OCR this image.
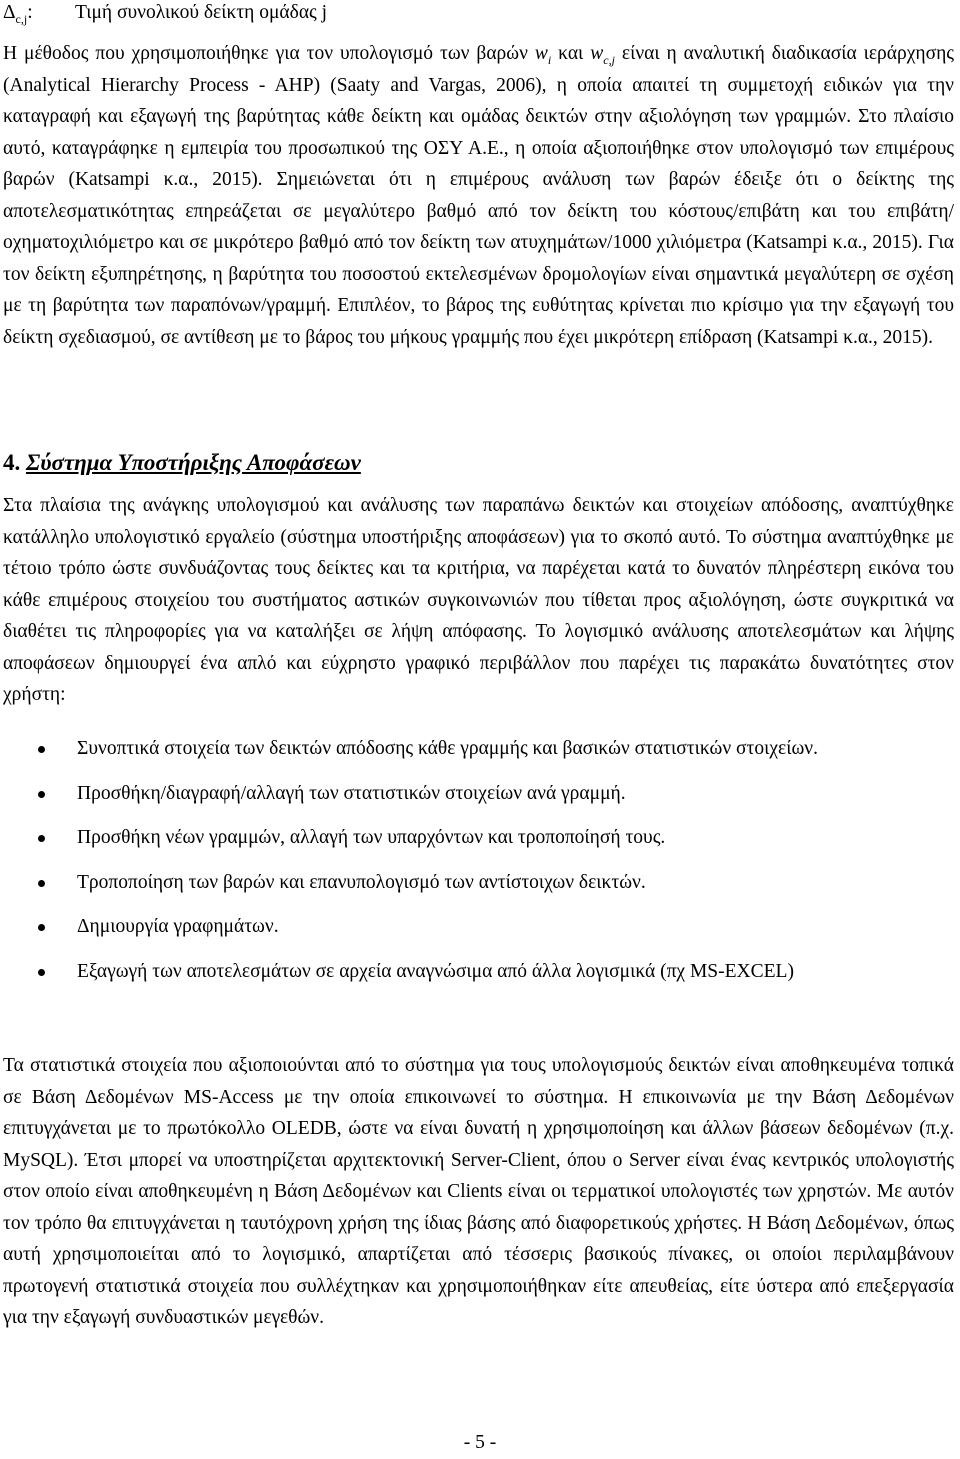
$\Delta_{c,j}$: Τιμή συνολικού δείκτη ομάδας j

Η μέθοδος που χρησιμοποιήθηκε για τον υπολογισμό των βαρών $w_i$ και $w_{c,j}$ είναι η αναλυτική διαδικασία ιεράρχησης (Analytical Hierarchy Process - AHP) (Saaty and Vargas, 2006), η οποία απαιτεί τη συμμετοχή ειδικών για την καταγραφή και εξαγωγή της βαρύτητας κάθε δείκτη και ομάδας δεικτών στην αξιολόγηση των γραμμών. Στο πλαίσιο αυτό, καταγράφηκε η εμπειρία του προσωπικού της ΟΣΥ Α.Ε., η οποία αξιοποιήθηκε στον υπολογισμό των επιμέρους βαρών (Katsampi κ.α., 2015). Σημειώνεται ότι η επιμέρους ανάλυση των βαρών έδειξε ότι ο δείκτης της αποτελεσματικότητας επηρεάζεται σε μεγαλύτερο βαθμό από τον δείκτη του κόστους/επιβάτη και του επιβάτη/οχηματοχιλιόμετρο και σε μικρότερο βαθμό από τον δείκτη των ατυχημάτων/1000 χιλιόμετρα (Katsampi κ.α., 2015). Για τον δείκτη εξυπηρέτησης, η βαρύτητα του ποσοστού εκτελεσμένων δρομολογίων είναι σημαντικά μεγαλύτερη σε σχέση με τη βαρύτητα των παραπόνων/γραμμή. Επιπλέον, το βάρος της ευθύτητας κρίνεται πιο κρίσιμο για την εξαγωγή του δείκτη σχεδιασμού, σε αντίθεση με το βάρος του μήκους γραμμής που έχει μικρότερη επίδραση (Katsampi κ.α., 2015).

4. Σύστημα Υποστήριξης Αποφάσεων

Στα πλαίσια της ανάγκης υπολογισμού και ανάλυσης των παραπάνω δεικτών και στοιχείων απόδοσης, αναπτύχθηκε κατάλληλο υπολογιστικό εργαλείο (σύστημα υποστήριξης αποφάσεων) για το σκοπό αυτό. Το σύστημα αναπτύχθηκε με τέτοιο τρόπο ώστε συνδυάζοντας τους δείκτες και τα κριτήρια, να παρέχεται κατά το δυνατόν πληρέστερη εικόνα του κάθε επιμέρους στοιχείου του συστήματος αστικών συγκοινωνιών που τίθεται προς αξιολόγηση, ώστε συγκριτικά να διαθέτει τις πληροφορίες για να καταλήξει σε λήψη απόφασης. Το λογισμικό ανάλυσης αποτελεσμάτων και λήψης αποφάσεων δημιουργεί ένα απλό και εύχρηστο γραφικό περιβάλλον που παρέχει τις παρακάτω δυνατότητες στον χρήστη:

Συνοπτικά στοιχεία των δεικτών απόδοσης κάθε γραμμής και βασικών στατιστικών στοιχείων.
Προσθήκη/διαγραφή/αλλαγή των στατιστικών στοιχείων ανά γραμμή.
Προσθήκη νέων γραμμών, αλλαγή των υπαρχόντων και τροποποίησή τους.
Τροποποίηση των βαρών και επανυπολογισμό των αντίστοιχων δεικτών.
Δημιουργία γραφημάτων.
Εξαγωγή των αποτελεσμάτων σε αρχεία αναγνώσιμα από άλλα λογισμικά (πχ MS-EXCEL)

Τα στατιστικά στοιχεία που αξιοποιούνται από το σύστημα για τους υπολογισμούς δεικτών είναι αποθηκευμένα τοπικά σε Βάση Δεδομένων MS-Access με την οποία επικοινωνεί το σύστημα. Η επικοινωνία με την Βάση Δεδομένων επιτυγχάνεται με το πρωτόκολλο OLEDB, ώστε να είναι δυνατή η χρησιμοποίηση και άλλων βάσεων δεδομένων (π.χ. MySQL). Έτσι μπορεί να υποστηρίζεται αρχιτεκτονική Server-Client, όπου ο Server είναι ένας κεντρικός υπολογιστής στον οποίο είναι αποθηκευμένη η Βάση Δεδομένων και Clients είναι οι τερματικοί υπολογιστές των χρηστών. Με αυτόν τον τρόπο θα επιτυγχάνεται η ταυτόχρονη χρήση της ίδιας βάσης από διαφορετικούς χρήστες. Η Βάση Δεδομένων, όπως αυτή χρησιμοποιείται από το λογισμικό, απαρτίζεται από τέσσερις βασικούς πίνακες, οι οποίοι περιλαμβάνουν πρωτογενή στατιστικά στοιχεία που συλλέχτηκαν και χρησιμοποιήθηκαν είτε απευθείας, είτε ύστερα από επεξεργασία για την εξαγωγή συνδυαστικών μεγεθών.

- 5 -
